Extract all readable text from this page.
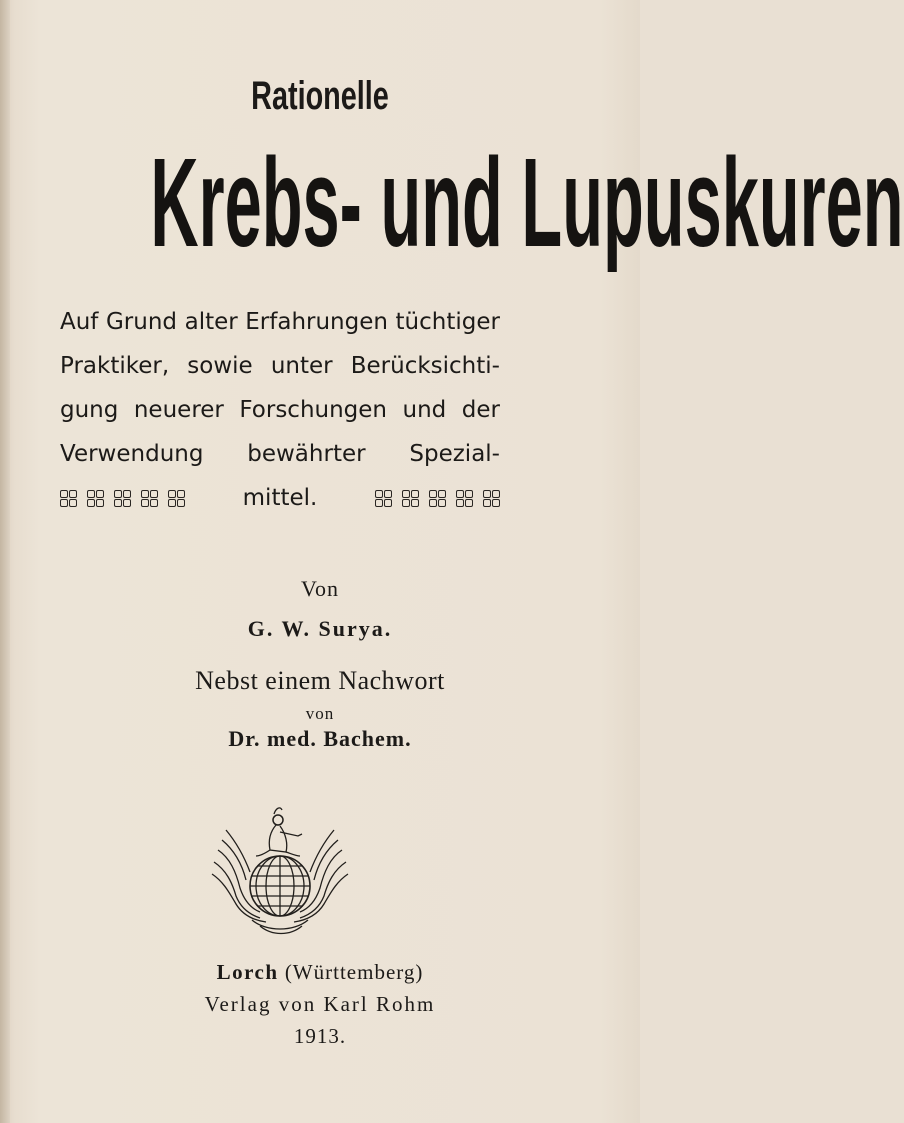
Rationelle
Krebs- und Lupuskuren
Auf Grund alter Erfahrungen tüchtiger
Praktiker, sowie unter Berücksichti-
gung neuerer Forschungen und der
Verwendung bewährter Spezial-
mittel.
Von
G. W. Surya.
Nebst einem Nachwort
von
Dr. med. Bachem.
Lorch (Württemberg)
Verlag von Karl Rohm
1913.
